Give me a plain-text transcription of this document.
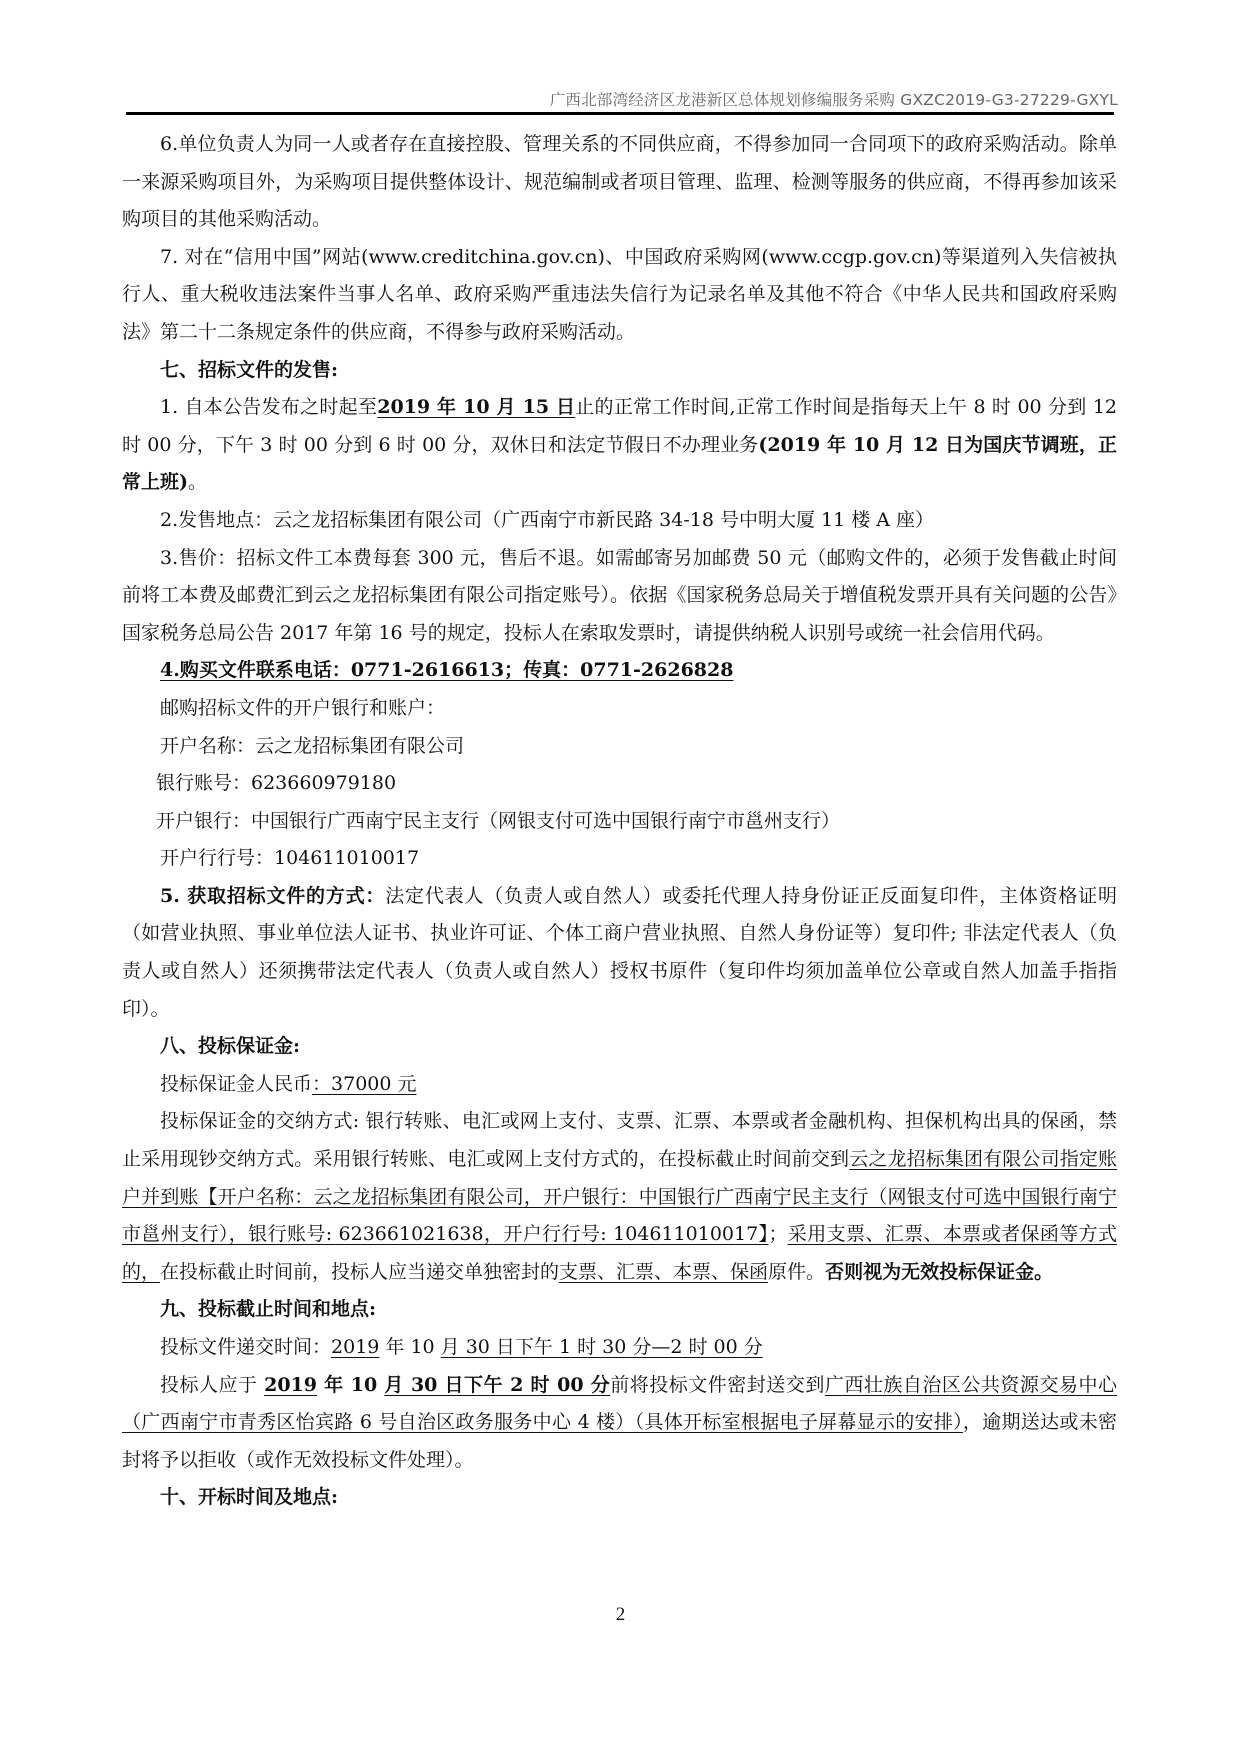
广西北部湾经济区龙港新区总体规划修编服务采购 GXZC2019-G3-27229-GXYL

6.单位负责人为同一人或者存在直接控股、管理关系的不同供应商，不得参加同一合同项下的政府采购活动。除单一来源采购项目外，为采购项目提供整体设计、规范编制或者项目管理、监理、检测等服务的供应商，不得再参加该采购项目的其他采购活动。

7. 对在“信用中国”网站(www.creditchina.gov.cn)、中国政府采购网(www.ccgp.gov.cn)等渠道列入失信被执行人、重大税收违法案件当事人名单、政府采购严重违法失信行为记录名单及其他不符合《中华人民共和国政府采购法》第二十二条规定条件的供应商，不得参与政府采购活动。

七、招标文件的发售:

1. 自本公告发布之时起至2019 年 10 月 15 日止的正常工作时间,正常工作时间是指每天上午 8 时 00 分到 12 时 00 分，下午 3 时 00 分到 6 时 00 分，双休日和法定节假日不办理业务(2019 年 10 月 12 日为国庆节调班，正常上班)。

2.发售地点：云之龙招标集团有限公司（广西南宁市新民路 34-18 号中明大厦 11 楼 A 座）

3.售价：招标文件工本费每套 300 元，售后不退。如需邮寄另加邮费 50 元（邮购文件的，必须于发售截止时间前将工本费及邮费汇到云之龙招标集团有限公司指定账号）。依据《国家税务总局关于增值税发票开具有关问题的公告》国家税务总局公告 2017 年第 16 号的规定，投标人在索取发票时，请提供纳税人识别号或统一社会信用代码。

4.购买文件联系电话：0771-2616613；传真：0771-2626828

邮购招标文件的开户银行和账户：

开户名称：云之龙招标集团有限公司

银行账号：623660979180

开户银行：中国银行广西南宁民主支行（网银支付可选中国银行南宁市邕州支行）

开户行行号：104611010017

5. 获取招标文件的方式：法定代表人（负责人或自然人）或委托代理人持身份证正反面复印件，主体资格证明（如营业执照、事业单位法人证书、执业许可证、个体工商户营业执照、自然人身份证等）复印件; 非法定代表人（负责人或自然人）还须携带法定代表人（负责人或自然人）授权书原件（复印件均须加盖单位公章或自然人加盖手指指印）。

八、投标保证金:

投标保证金人民币：37000 元

投标保证金的交纳方式: 银行转账、电汇或网上支付、支票、汇票、本票或者金融机构、担保机构出具的保函，禁止采用现钞交纳方式。采用银行转账、电汇或网上支付方式的，在投标截止时间前交到云之龙招标集团有限公司指定账户并到账【开户名称：云之龙招标集团有限公司，开户银行：中国银行广西南宁民主支行（网银支付可选中国银行南宁市邕州支行），银行账号: 623661021638，开户行行号: 104611010017】；采用支票、汇票、本票或者保函等方式的，在投标截止时间前，投标人应当递交单独密封的支票、汇票、本票、保函原件。否则视为无效投标保证金。

九、投标截止时间和地点:

投标文件递交时间：2019 年 10 月 30 日下午 1 时 30 分—2 时 00 分

投标人应于 2019 年 10 月 30 日下午 2 时 00 分前将投标文件密封送交到广西壮族自治区公共资源交易中心（广西南宁市青秀区怡宾路 6 号自治区政务服务中心 4 楼）（具体开标室根据电子屏幕显示的安排），逾期送达或未密封将予以拒收（或作无效投标文件处理）。

十、开标时间及地点:

2
